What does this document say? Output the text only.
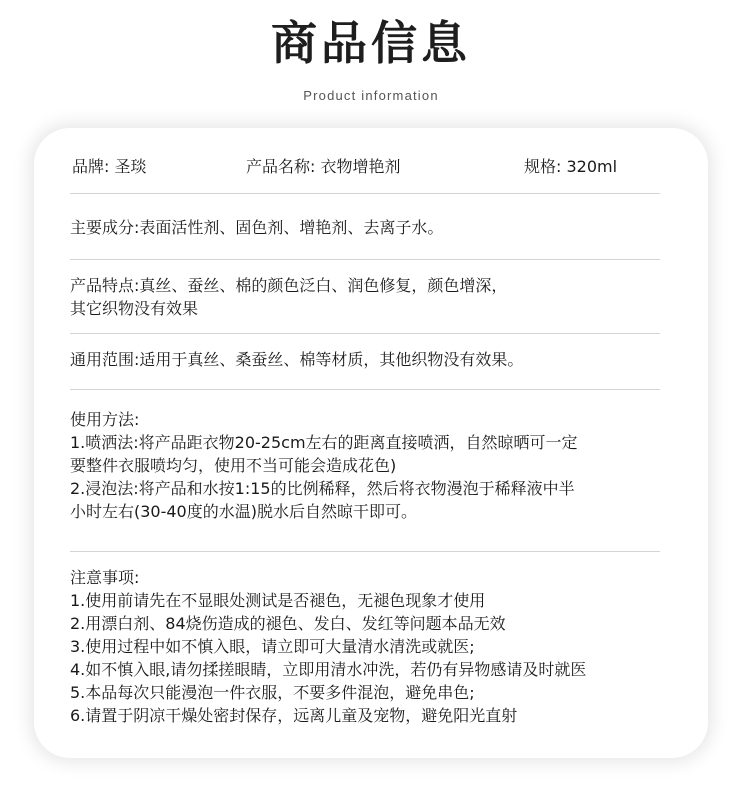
商品信息
Product information
品牌: 圣琰	产品名称: 衣物增艳剂	规格: 320ml
主要成分:表面活性剂、固色剂、增艳剂、去离子水。
产品特点:真丝、蚕丝、棉的颜色泛白、润色修复，颜色增深，
其它织物没有效果
通用范围:适用于真丝、桑蚕丝、棉等材质，其他织物没有效果。
使用方法:
1.喷洒法:将产品距衣物20-25cm左右的距离直接喷洒，自然晾晒可一定
要整件衣服喷均匀，使用不当可能会造成花色)
2.浸泡法:将产品和水按1:15的比例稀释，然后将衣物漫泡于稀释液中半
小时左右(30-40度的水温)脱水后自然晾干即可。
注意事项:
1.使用前请先在不显眼处测试是否褪色，无褪色现象才使用
2.用漂白剂、84烧伤造成的褪色、发白、发红等问题本品无效
3.使用过程中如不慎入眼，请立即可大量清水清洗或就医;
4.如不慎入眼,请勿揉搓眼睛，立即用清水冲洗，若仍有异物感请及时就医
5.本品每次只能漫泡一件衣服，不要多件混泡，避免串色;
6.请置于阴凉干燥处密封保存，远离儿童及宠物，避免阳光直射
